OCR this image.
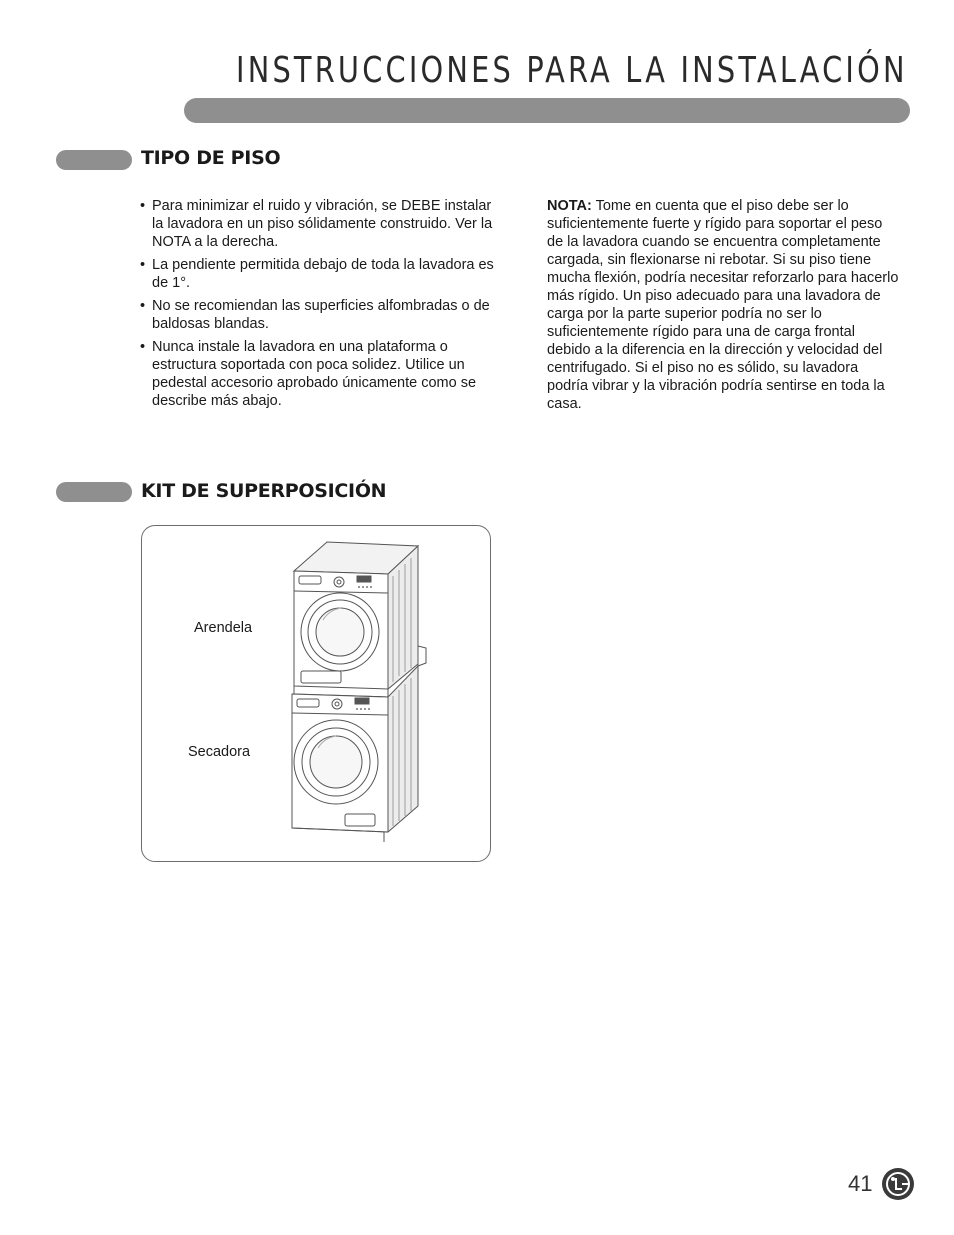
INSTRUCCIONES PARA LA INSTALACIÓN
TIPO DE PISO
• Para minimizar el ruido y vibración, se DEBE instalar la lavadora en un piso sólidamente construido. Ver la NOTA a la derecha.
• La pendiente permitida debajo de toda la lavadora es de 1°.
• No se recomiendan las superficies alfombradas o de baldosas blandas.
• Nunca instale la lavadora en una plataforma o estructura soportada con poca solidez. Utilice un pedestal accesorio aprobado únicamente como se describe más abajo.

NOTA: Tome en cuenta que el piso debe ser lo suficientemente fuerte y rígido para soportar el peso de la lavadora cuando se encuentra completamente cargada, sin flexionarse ni rebotar. Si su piso tiene mucha flexión, podría necesitar reforzarlo para hacerlo más rígido. Un piso adecuado para una lavadora de carga por la parte superior podría no ser lo suficientemente rígido para una de carga frontal debido a la diferencia en la dirección y velocidad del centrifugado. Si el piso no es sólido, su lavadora podría vibrar y la vibración podría sentirse en toda la casa.

KIT DE SUPERPOSICIÓN
Arendela
Secadora
41
